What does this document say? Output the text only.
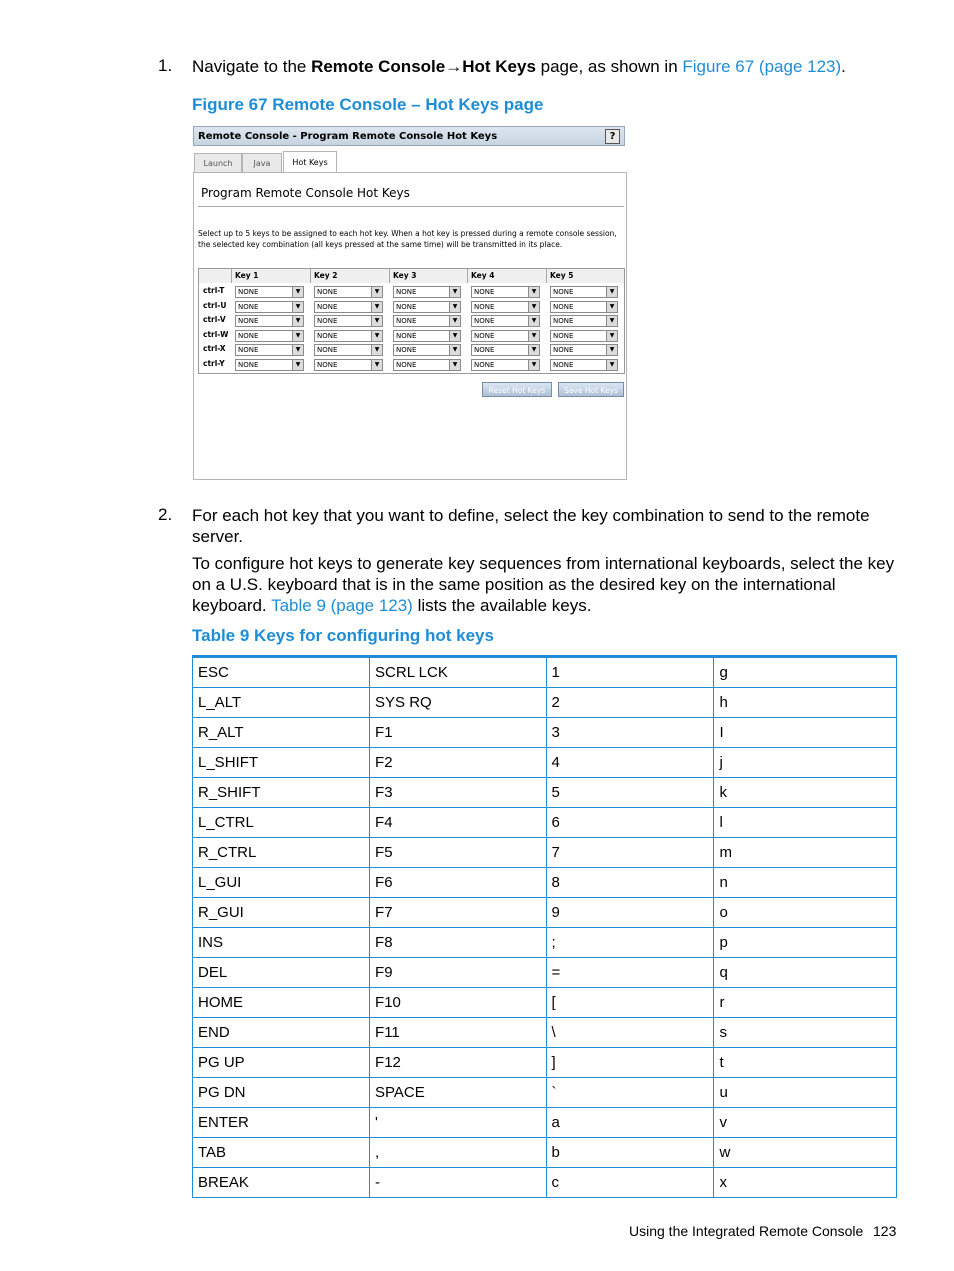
1. Navigate to the Remote Console→Hot Keys page, as shown in Figure 67 (page 123).
Figure 67 Remote Console – Hot Keys page
Remote Console - Program Remote Console Hot Keys	?
Launch	Java	Hot Keys
Program Remote Console Hot Keys
Select up to 5 keys to be assigned to each hot key. When a hot key is pressed during a remote console session, the selected key combination (all keys pressed at the same time) will be transmitted in its place.
Key 1	Key 2	Key 3	Key 4	Key 5
ctrl-T	NONE	▼	NONE	▼	NONE	▼	NONE	▼	NONE	▼
ctrl-U	NONE	▼	NONE	▼	NONE	▼	NONE	▼	NONE	▼
ctrl-V	NONE	▼	NONE	▼	NONE	▼	NONE	▼	NONE	▼
ctrl-W	NONE	▼	NONE	▼	NONE	▼	NONE	▼	NONE	▼
ctrl-X	NONE	▼	NONE	▼	NONE	▼	NONE	▼	NONE	▼
ctrl-Y	NONE	▼	NONE	▼	NONE	▼	NONE	▼	NONE	▼
Reset Hot Keys	Save Hot Keys
2. For each hot key that you want to define, select the key combination to send to the remote server.
To configure hot keys to generate key sequences from international keyboards, select the key on a U.S. keyboard that is in the same position as the desired key on the international keyboard. Table 9 (page 123) lists the available keys.
Table 9 Keys for configuring hot keys
ESC	SCRL LCK	1	g
L_ALT	SYS RQ	2	h
R_ALT	F1	3	I
L_SHIFT	F2	4	j
R_SHIFT	F3	5	k
L_CTRL	F4	6	l
R_CTRL	F5	7	m
L_GUI	F6	8	n
R_GUI	F7	9	o
INS	F8	;	p
DEL	F9	=	q
HOME	F10	[	r
END	F11	\	s
PG UP	F12	]	t
PG DN	SPACE	`	u
ENTER	'	a	v
TAB	,	b	w
BREAK	-	c	x
Using the Integrated Remote Console 123
